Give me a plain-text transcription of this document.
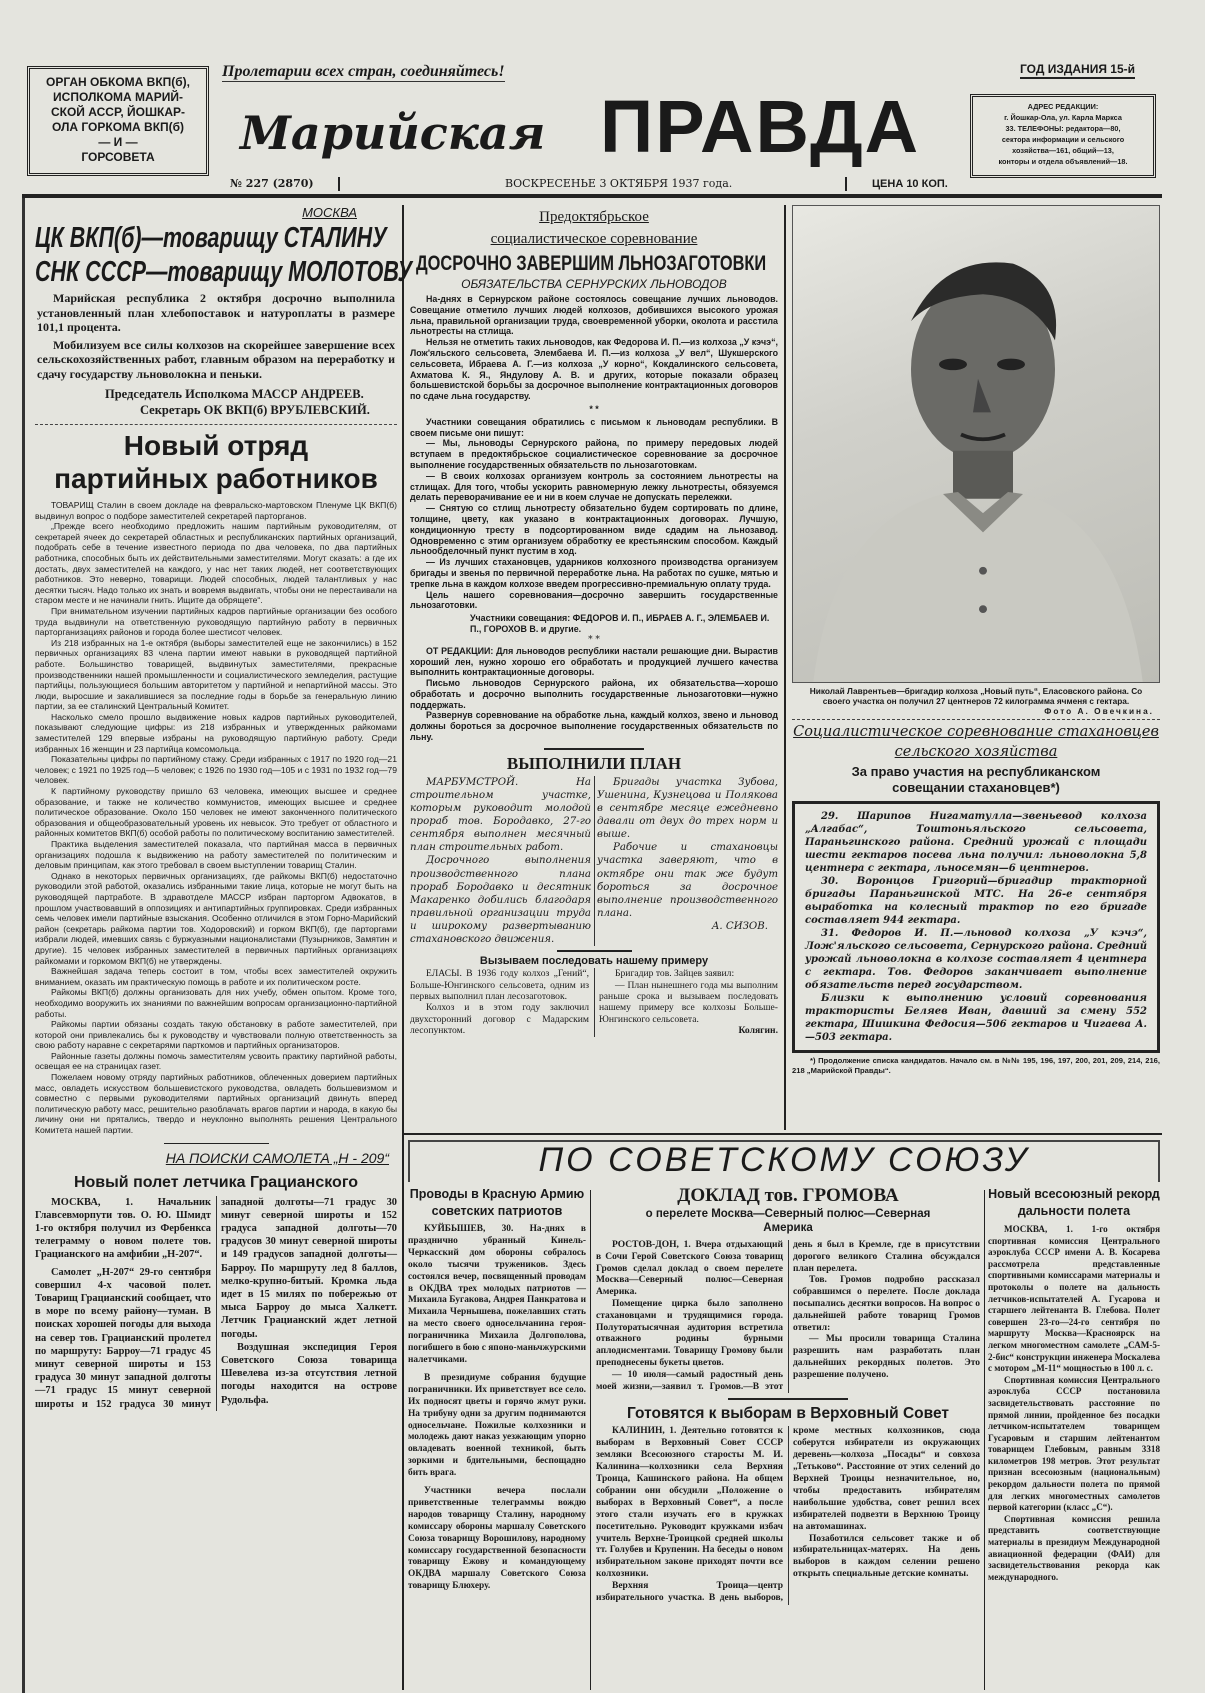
ОРГАН ОБКОМА ВКП(б),
ИСПОЛКОМА МАРИЙ-
СКОЙ АССР, ЙОШКАР-
ОЛА ГОРКОМА ВКП(б)
— И —
ГОРСОВЕТА
Пролетарии всех стран, соединяйтесь!
Марийская ПРАВДА
ГОД ИЗДАНИЯ 15-й
АДРЕС РЕДАКЦИИ:
г. Йошкар-Ола, ул. Карла Маркса
33. ТЕЛЕФОНЫ: редактора—80,
сектора информации и сельского
хозяйства—161, общий—13,
конторы и отдела объявлений—18.
№ 227 (2870)	ВОСКРЕСЕНЬЕ 3 ОКТЯБРЯ 1937 года.	ЦЕНА 10 КОП.
МОСКВА
ЦК ВКП(б)—товарищу СТАЛИНУ
СНК СССР—товарищу МОЛОТОВУ

Марийская республика 2 октября досрочно выполнила установленный план хлебопоставок и натуроплаты в размере 101,1 процента.

Мобилизуем все силы колхозов на скорейшее завершение всех сельскохозяйственных работ, главным образом на переработку и сдачу государству льноволокна и пеньки.

Председатель Исполкома МАССР АНДРЕЕВ.
Секретарь ОК ВКП(б) ВРУБЛЕВСКИЙ.
Новый отряд
партийных работников

ТОВАРИЩ Сталин в своем докладе на февральско-мартовском Пленуме ЦК ВКП(б) выдвинул вопрос о подборе заместителей секретарей парторганов.

„Прежде всего необходимо предложить нашим партийным руководителям, от секретарей ячеек до секретарей областных и республиканских партийных организаций, подобрать себе в течение известного периода по два человека, по два партийных работника, способных быть их действительными заместителями. Могут сказать: а где их достать, двух заместителей на каждого, у нас нет таких людей, нет соответствующих работников. Это неверно, товарищи. Людей способных, людей талантливых у нас десятки тысяч. Надо только их знать и вовремя выдвигать, чтобы они не перестаивали на старом месте и не начинали гнить. Ищите да обрящете“.

При внимательном изучении партийных кадров партийные организации без особого труда выдвинули на ответственную руководящую партийную работу в первичных парторганизациях районов и города более шестисот человек.

Из 218 избранных на 1-е октября (выборы заместителей еще не закончились) в 152 первичных организациях 83 члена партии имеют навыки в руководящей партийной работе. Большинство товарищей, выдвинутых заместителями, прекрасные производственники нашей промышленности и социалистического земледелия, растущие партийцы, пользующиеся большим авторитетом у партийной и непартийной массы. Это люди, выросшие и закалившиеся за последние годы в борьбе за генеральную линию партии, за ее сталинский Центральный Комитет.

Насколько смело прошло выдвижение новых кадров партийных руководителей, показывают следующие цифры: из 218 избранных и утвержденных райкомами заместителей 129 впервые избраны на руководящую партийную работу. Среди избранных 16 женщин и 23 партийца комсомольца.

Показательны цифры по партийному стажу. Среди избранных с 1917 по 1920 год—21 человек; с 1921 по 1925 год—5 человек; с 1926 по 1930 год—105 и с 1931 по 1932 год—79 человек.

К партийному руководству пришло 63 человека, имеющих высшее и среднее образование, и также не количество коммунистов, имеющих высшее и среднее политическое образование. Около 150 человек не имеют законченного политического образования и общеобразовательный уровень их невысок. Это требует от областного и районных комитетов ВКП(б) особой работы по политическому воспитанию заместителей.

Практика выделения заместителей показала, что партийная масса в первичных организациях подошла к выдвижению на работу заместителей по политическим и деловым принципам, как этого требовал в своем выступлении товарищ Сталин.

Однако в некоторых первичных организациях, где райкомы ВКП(б) недостаточно руководили этой работой, оказались избранными такие лица, которые не могут быть на руководящей партработе. В здравотделе МАССР избран парторгом Адвокатов, в прошлом участвовавший в оппозициях и антипартийных группировках. Среди избранных семь человек имели партийные взыскания. Особенно отличился в этом Горно-Марийский район (секретарь райкома партии тов. Ходоровский) и горком ВКП(б), где парторгами избрали людей, имевших связь с буржуазными националистами (Пузырников, Замятин и другие). 15 человек избранных заместителей в первичных партийных организациях райкомами и горкомом ВКП(б) не утверждены.

Важнейшая задача теперь состоит в том, чтобы всех заместителей окружить вниманием, оказать им практическую помощь в работе и их политическом росте.

Райкомы ВКП(б) должны организовать для них учебу, обмен опытом. Кроме того, необходимо вооружить их знаниями по важнейшим вопросам организационно-партийной работы.

Райкомы партии обязаны создать такую обстановку в работе заместителей, при которой они привлекались бы к руководству и чувствовали полную ответственность за свою работу наравне с секретарями парткомов и партийных организаторов.

Районные газеты должны помочь заместителям усвоить практику партийной работы, освещая ее на страницах газет.

Пожелаем новому отряду партийных работников, облеченных доверием партийных масс, овладеть искусством большевистского руководства, овладеть большевизмом и совместно с первыми руководителями партийных организаций двинуть вперед политическую работу масс, решительно разоблачать врагов партии и народа, в какую бы личину они ни прятались, твердо и неуклонно выполнять решения Центрального Комитета нашей партии.

НА ПОИСКИ САМОЛЕТА „Н - 209“
Новый полет летчика Грацианского

МОСКВА, 1. Начальник Главсевморпути тов. О. Ю. Шмидт 1-го октября получил из Фербенкса телеграмму о новом полете тов. Грацианского на амфибии „Н-207“.

Самолет „Н-207“ 29-го сентября совершил 4-х часовой полет. Товарищ Грацианский сообщает, что в море по всему району—туман. В поисках хорошей погоды для выхода на север тов. Грацианский пролетел по маршруту: Барроу—71 градус 45 минут северной широты и 153 градуса 30 минут западной долготы—71 градус 15 минут северной широты и 152 градуса 30 минут западной долготы—71 градус 30 минут северной широты и 152 градуса западной долготы—70 градусов 30 минут северной широты и 149 градусов западной долготы—Барроу. По маршруту лед 8 баллов, мелко-крупно-битый. Кромка льда идет в 15 милях по побережью от мыса Барроу до мыса Халкетт. Летчик Грацианский ждет летной погоды.

Воздушная экспедиция Героя Советского Союза товарища Шевелева из-за отсутствия летной погоды находится на острове Рудольфа.

Предоктябрьское
социалистическое соревнование
ДОСРОЧНО ЗАВЕРШИМ ЛЬНОЗАГОТОВКИ
ОБЯЗАТЕЛЬСТВА СЕРНУРСКИХ ЛЬНОВОДОВ

На-днях в Сернурском районе состоялось совещание лучших льноводов. Совещание отметило лучших людей колхозов, добившихся высокого урожая льна, правильной организации труда, своевременной уборки, околота и расстила льнотресты на стлища.

Нельзя не отметить таких льноводов, как Федорова И. П.—из колхоза „У кэчэ“, Лож'яльского сельсовета, Элембаева И. П.—из колхоза „У вел“, Шукшерского сельсовета, Ибраева А. Г.—из колхоза „У корно“, Кокдалинского сельсовета, Ахматова К. Я., Яндулову А. В. и других, которые показали образец большевистской борьбы за досрочное выполнение контрактационных договоров по сдаче льна государству.

* *

Участники совещания обратились с письмом к льноводам республики. В своем письме они пишут:

— Мы, льноводы Сернурского района, по примеру передовых людей вступаем в предоктябрьское социалистическое соревнование за досрочное выполнение государственных обязательств по льнозаготовкам.

— В своих колхозах организуем контроль за состоянием льнотресты на стлищах. Для того, чтобы ускорить равномерную лежку льнотресты, обязуемся делать переворачивание ее и ни в коем случае не допускать перележки.

— Снятую со стлищ льнотресту обязательно будем сортировать по длине, толщине, цвету, как указано в контрактационных договорах. Лучшую, кондиционную тресту в подсортированном виде сдадим на льнозавод. Одновременно с этим организуем обработку ее крестьянским способом. Каждый льнообделочный пункт пустим в ход.

— Из лучших стахановцев, ударников колхозного производства организуем бригады и звенья по первичной переработке льна. На работах по сушке, мятью и трепке льна в каждом колхозе введем прогрессивно-премиальную оплату труда.

Цель нашего соревнования—досрочно завершить государственные льнозаготовки.

Участники совещания: ФЕДОРОВ И. П., ИБРАЕВ А. Г., ЭЛЕМБАЕВ И. П., ГОРОХОВ В. и другие.
* *

ОТ РЕДАКЦИИ: Для льноводов республики настали решающие дни. Вырастив хороший лен, нужно хорошо его обработать и продукцией лучшего качества выполнить контрактационные договоры.

Письмо льноводов Сернурского района, их обязательства—хорошо обработать и досрочно выполнить государственные льнозаготовки—нужно поддержать.

Развернув соревнование на обработке льна, каждый колхоз, звено и льновод должны бороться за досрочное выполнение государственных обязательств по льну.

ВЫПОЛНИЛИ ПЛАН

МАРБУМСТРОЙ. На строительном участке, которым руководит молодой прораб тов. Бородавко, 27-го сентября выполнен месячный план строительных работ.

Досрочного выполнения производственного плана прораб Бородавко и десятник Макаренко добились благодаря правильной организации труда и широкому развертыванию стахановского движения.

Бригады участка Зубова, Ушенина, Кузнецова и Полякова в сентябре месяце ежедневно давали от двух до трех норм и выше.

Рабочие и стахановцы участка заверяют, что в октябре они так же будут бороться за досрочное выполнение производственного плана.

А. СИЗОВ.
Вызываем последовать нашему примеру

ЕЛАСЫ. В 1936 году колхоз „Гений“, Больше-Юнгинского сельсовета, одним из первых выполнил план лесозаготовок.

Колхоз и в этом году заключил двухсторонний договор с Мадарским лесопунктом.

Бригадир тов. Зайцев заявил:

— План нынешнего года мы выполним раньше срока и вызываем последовать нашему примеру все колхозы Больше-Юнгинского сельсовета.

Колягин.
Николай Лаврентьев—бригадир колхоза „Новый путь“, Еласовского района. Со своего участка он получил 27 центнеров 72 килограмма ячменя с гектара.
Фото А. Овечкина.
Социалистическое соревнование стахановцев
сельского хозяйства
За право участия на республиканском совещании стахановцев*)

29. Шарипов Нигаматулла—звеньевод колхоза „Алгабас“, Тоштоньяльского сельсовета, Параньгинского района. Средний урожай с площади шести гектаров посева льна получил: льноволокна 5,8 центнера с гектара, льносемян—6 центнеров.

30. Воронцов Григорий—бригадир тракторной бригады Параньгинской МТС. На 26-е сентября выработка на колесный трактор по его бригаде составляет 944 гектара.

31. Федоров И. П.—льновод колхоза „У кэчэ“, Лож'яльского сельсовета, Сернурского района. Средний урожай льноволокна в колхозе составляет 4 центнера с гектара. Тов. Федоров заканчивает выполнение обязательств перед государством.

Близки к выполнению условий соревнования трактористы Беляев Иван, давший за смену 552 гектара, Шишкина Федосия—506 гектаров и Чигаева А.—503 гектара.

*) Продолжение списка кандидатов. Начало см. в №№ 195, 196, 197, 200, 201, 209, 214, 216, 218 „Марийской Правды“.
ПО СОВЕТСКОМУ СОЮЗУ
Проводы в Красную Армию
советских патриотов

КУЙБЫШЕВ, 30. На-днях в празднично убранный Кинель-Черкасский дом обороны собралось около тысячи тружеников. Здесь состоялся вечер, посвященный проводам в ОКДВА трех молодых патриотов — Михаила Бугакова, Андрея Панкратова и Михаила Чернышева, пожелавших стать на место своего односельчанина героя-пограничника Михаила Долгополова, погибшего в бою с японо-маньчжурскими налетчиками.

В президиуме собрания будущие пограничники. Их приветствует все село. Их подносят цветы и горячо жмут руки. На трибуну одни за другим поднимаются односельчане. Пожилые колхозники и молодежь дают наказ уезжающим упорно овладевать военной техникой, быть зоркими и бдительными, беспощадно бить врага.

Участники вечера послали приветственные телеграммы вождю народов товарищу Сталину, народному комиссару обороны маршалу Советского Союза товарищу Ворошилову, народному комиссару государственной безопасности товарищу Ежову и командующему ОКДВА маршалу Советского Союза товарищу Блюхеру.

ДОКЛАД тов. ГРОМОВА
о перелете Москва—Северный полюс—Северная Америка

РОСТОВ-ДОН, 1. Вчера отдыхающий в Сочи Герой Советского Союза товарищ Громов сделал доклад о своем перелете Москва—Северный полюс—Северная Америка.

Помещение цирка было заполнено стахановцами и трудящимися города. Полуторатысячная аудитория встретила отважного родины бурными аплодисментами. Товарищу Громову были преподнесены букеты цветов.

— 10 июля—самый радостный день моей жизни,—заявил т. Громов.—В этот день я был в Кремле, где в присутствии дорогого великого Сталина обсуждался план перелета.

Тов. Громов подробно рассказал собравшимся о перелете. После доклада посыпались десятки вопросов. На вопрос о дальнейшей работе товарищ Громов ответил:

— Мы просили товарища Сталина разрешить нам разработать план дальнейших рекордных полетов. Это разрешение получено.

Готовятся к выборам в Верховный Совет

КАЛИНИН, 1. Деятельно готовятся к выборам в Верховный Совет СССР земляки Всесоюзного старосты М. И. Калинина—колхозники села Верхняя Троица, Кашинского района. На общем собрании они обсудили „Положение о выборах в Верховный Совет“, а после этого стали изучать его в кружках посетительно. Руководит кружками избач учитель Верхне-Троицкой средней школы тт. Голубев и Крупенин. На беседы о новом избирательном законе приходят почти все колхозники.

Верхняя Троица—центр избирательного участка. В день выборов, кроме местных колхозников, сюда соберутся избиратели из окружающих деревень—колхоза „Посады“ и совхоза „Тетьково“. Расстояние от этих селений до Верхней Троицы незначительное, но, чтобы предоставить избирателям наибольшие удобства, совет решил всех избирателей подвезти в Верхнюю Троицу на автомашинах.

Позаботился сельсовет также и об избирательницах-матерях. На день выборов в каждом селении решено открыть специальные детские комнаты.

Новый всесоюзный рекорд
дальности полета

МОСКВА, 1. 1-го октября спортивная комиссия Центрального аэроклуба СССР имени А. В. Косарева рассмотрела представленные спортивными комиссарами материалы и протоколы о полете на дальность летчиков-испытателей А. Гусарова и старшего лейтенанта В. Глебова. Полет совершен 23-го—24-го сентября по маршруту Москва—Красноярск на легком многоместном самолете „САМ-5-2-бис“ конструкции инженера Москалева с мотором „М-11“ мощностью в 100 л. с.

Спортивная комиссия Центрального аэроклуба СССР постановила засвидетельствовать расстояние по прямой линии, пройденное без посадки летчиком-испытателем товарищем Гусаровым и старшим лейтенантом товарищем Глебовым, равным 3318 километров 198 метров. Этот результат признан всесоюзным (национальным) рекордом дальности полета по прямой для легких многоместных самолетов первой категории (класс „С“).

Спортивная комиссия решила представить соответствующие материалы в президиум Международной авиационной федерации (ФАИ) для засвидетельствования рекорда как международного.
